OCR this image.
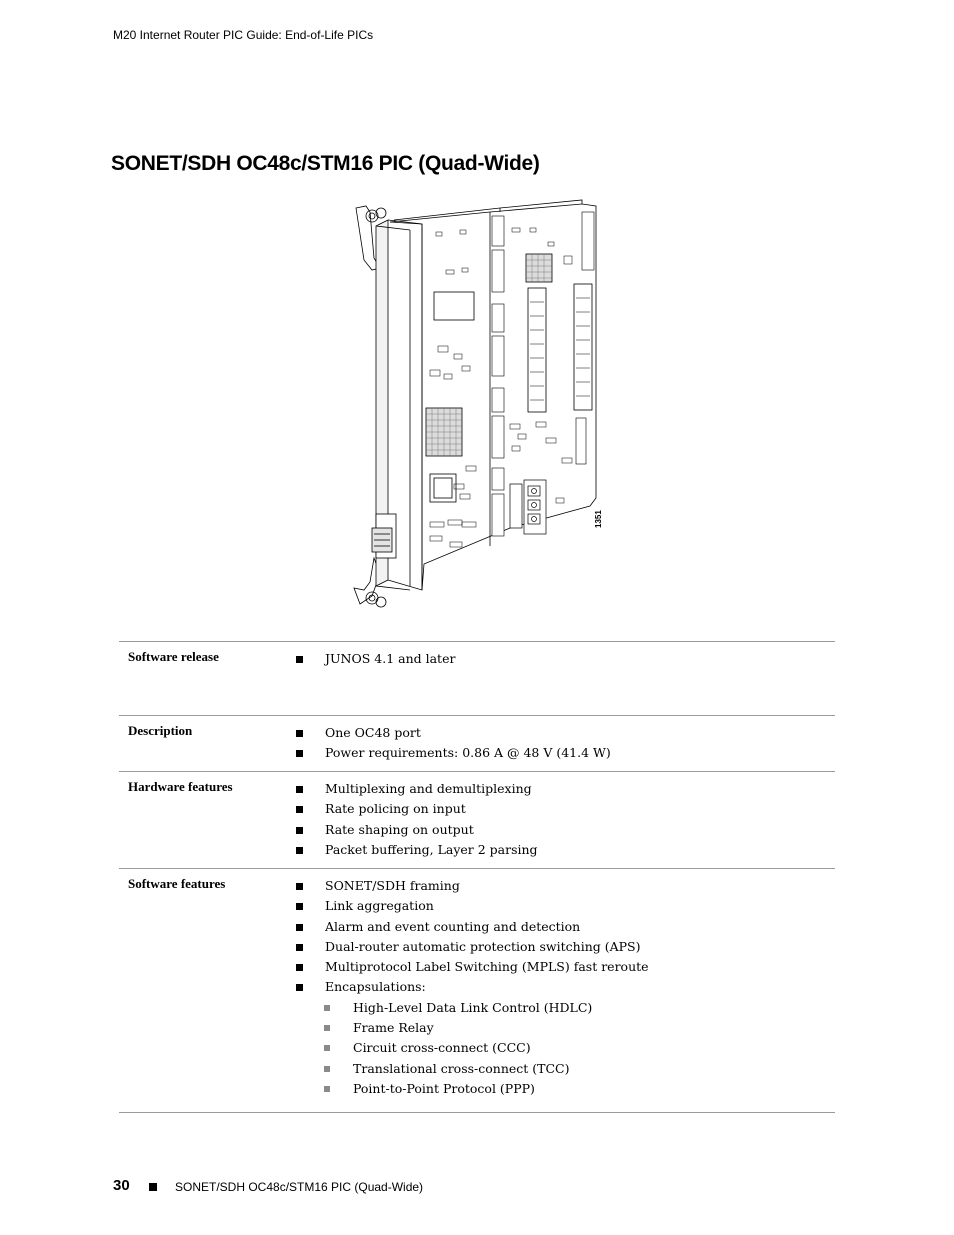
M20 Internet Router PIC Guide: End-of-Life PICs
SONET/SDH OC48c/STM16 PIC (Quad-Wide)
1351
Software release	JUNOS 4.1 and later
Description	One OC48 port
Power requirements: 0.86 A @ 48 V (41.4 W)
Hardware features	Multiplexing and demultiplexing
Rate policing on input
Rate shaping on output
Packet buffering, Layer 2 parsing
Software features	SONET/SDH framing
Link aggregation
Alarm and event counting and detection
Dual-router automatic protection switching (APS)
Multiprotocol Label Switching (MPLS) fast reroute
Encapsulations:
High-Level Data Link Control (HDLC)
Frame Relay
Circuit cross-connect (CCC)
Translational cross-connect (TCC)
Point-to-Point Protocol (PPP)
30	SONET/SDH OC48c/STM16 PIC (Quad-Wide)
